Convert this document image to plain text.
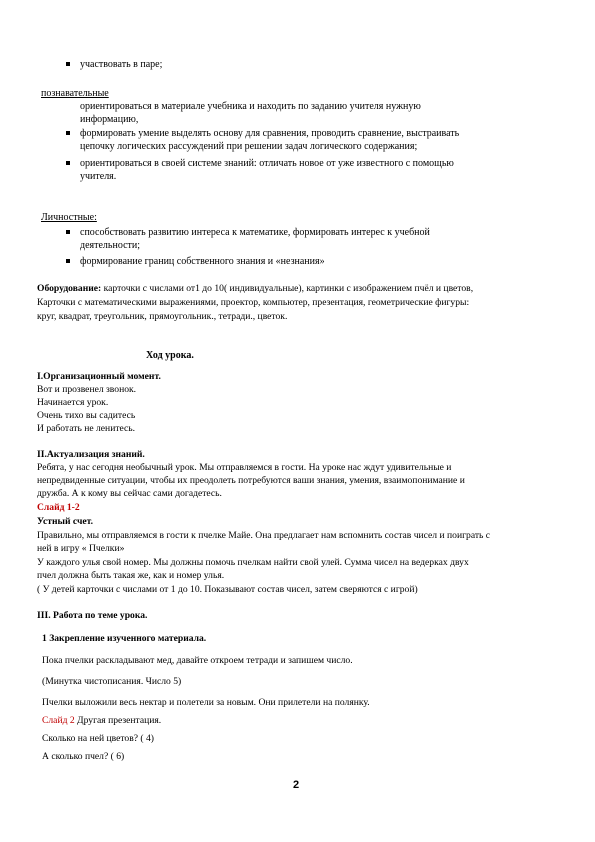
участвовать в паре;
познавательные
ориентироваться в материале учебника и находить по заданию учителя нужную
информацию,
формировать умение выделять основу для сравнения, проводить сравнение, выстраивать
цепочку логических рассуждений при решении задач логического содержания;
ориентироваться в своей системе знаний: отличать новое от уже известного с помощью
учителя.
Личностные:
способствовать развитию интереса к математике, формировать интерес к учебной
деятельности;
формирование границ собственного знания и «незнания»
Оборудование: карточки с числами от1 до 10( индивидуальные), картинки с изображением пчёл и цветов,
Карточки с математическими выражениями, проектор, компьютер, презентация, геометрические фигуры:
круг, квадрат, треугольник, прямоугольник., тетради., цветок.
Ход урока.
I.Организационный момент.
Вот и прозвенел звонок.
Начинается урок.
Очень тихо вы садитесь
И работать не ленитесь.
II.Актуализация знаний.
Ребята, у нас сегодня необычный урок. Мы отправляемся в гости. На уроке нас ждут удивительные и
непредвиденные ситуации, чтобы их преодолеть потребуются ваши знания, умения, взаимопонимание и
дружба. А к кому вы сейчас сами догадетесь.
Слайд 1-2
Устный счет.
Правильно, мы отправляемся в гости к пчелке Майе. Она предлагает нам вспомнить состав чисел и поиграть с
ней в игру « Пчелки»
У каждого улья свой номер. Мы должны помочь пчелкам найти свой улей. Сумма чисел на ведерках двух
пчел должна быть такая же, как и номер улья.
( У детей карточки с числами от 1 до 10. Показывают состав чисел, затем сверяются с игрой)
III. Работа по теме урока.
1 Закрепление изученного материала.
Пока пчелки раскладывают мед, давайте откроем тетради и запишем число.
(Минутка чистописания. Число 5)
Пчелки выложили весь нектар и полетели за новым. Они прилетели на полянку.
Слайд 2 Другая презентация.
Сколько на ней цветов? ( 4)
А сколько пчел? ( 6)
2
